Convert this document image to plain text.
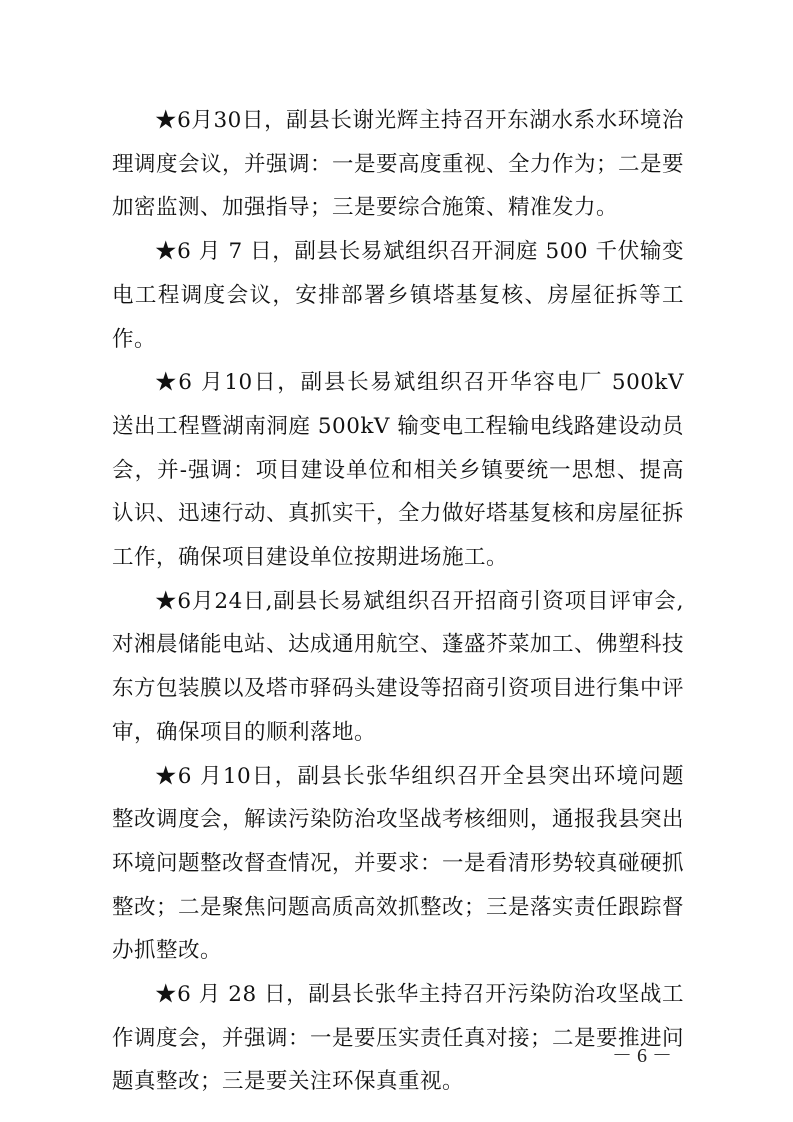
★6月30日，副县长谢光辉主持召开东湖水系水环境治理调度会议，并强调：一是要高度重视、全力作为；二是要加密监测、加强指导；三是要综合施策、精准发力。

★6 月 7 日，副县长易斌组织召开洞庭 500 千伏输变电工程调度会议，安排部署乡镇塔基复核、房屋征拆等工作。

★6 月10日，副县长易斌组织召开华容电厂 500kV 送出工程暨湖南洞庭 500kV 输变电工程输电线路建设动员会，并-强调：项目建设单位和相关乡镇要统一思想、提高认识、迅速行动、真抓实干，全力做好塔基复核和房屋征拆工作，确保项目建设单位按期进场施工。

★6月24日,副县长易斌组织召开招商引资项目评审会,对湘晨储能电站、达成通用航空、蓬盛芥菜加工、佛塑科技东方包装膜以及塔市驿码头建设等招商引资项目进行集中评审，确保项目的顺利落地。

★6 月10日，副县长张华组织召开全县突出环境问题整改调度会，解读污染防治攻坚战考核细则，通报我县突出环境问题整改督查情况，并要求：一是看清形势较真碰硬抓整改；二是聚焦问题高质高效抓整改；三是落实责任跟踪督办抓整改。

★6 月 28 日，副县长张华主持召开污染防治攻坚战工作调度会，并强调：一是要压实责任真对接；二是要推进问题真整改；三是要关注环保真重视。

－ 6 －
